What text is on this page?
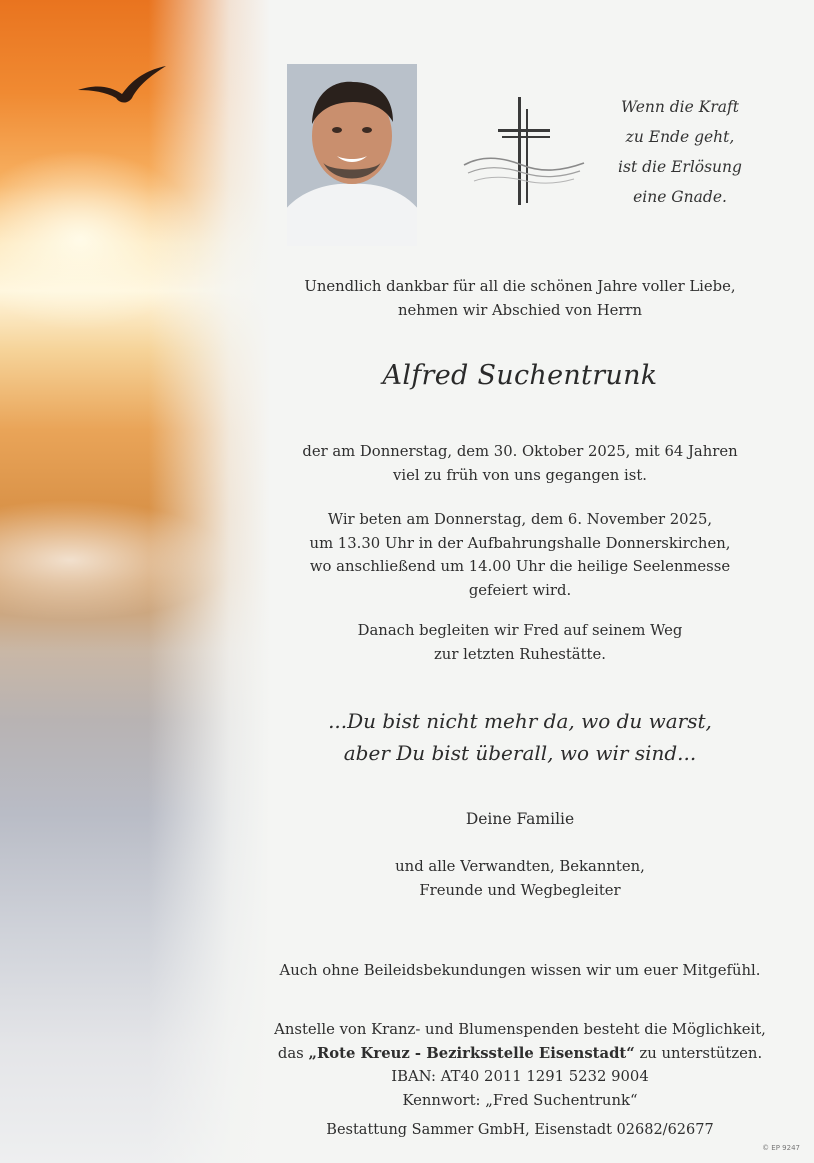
Wenn die Kraft
zu Ende geht,
ist die Erlösung
eine Gnade.

Unendlich dankbar für all die schönen Jahre voller Liebe,
nehmen wir Abschied von Herrn

Alfred Suchentrunk

der am Donnerstag, dem 30. Oktober 2025, mit 64 Jahren
viel zu früh von uns gegangen ist.

Wir beten am Donnerstag, dem 6. November 2025,
um 13.30 Uhr in der Aufbahrungshalle Donnerskirchen,
wo anschließend um 14.00 Uhr die heilige Seelenmesse
gefeiert wird.

Danach begleiten wir Fred auf seinem Weg
zur letzten Ruhestätte.

...Du bist nicht mehr da, wo du warst,
aber Du bist überall, wo wir sind...

Deine Familie

und alle Verwandten, Bekannten,
Freunde und Wegbegleiter

Auch ohne Beileidsbekundungen wissen wir um euer Mitgefühl.

Anstelle von Kranz- und Blumenspenden besteht die Möglichkeit,
das „Rote Kreuz - Bezirksstelle Eisenstadt“ zu unterstützen.
IBAN: AT40 2011 1291 5232 9004
Kennwort: „Fred Suchentrunk“

Bestattung Sammer GmbH, Eisenstadt 02682/62677

© EP 9247
